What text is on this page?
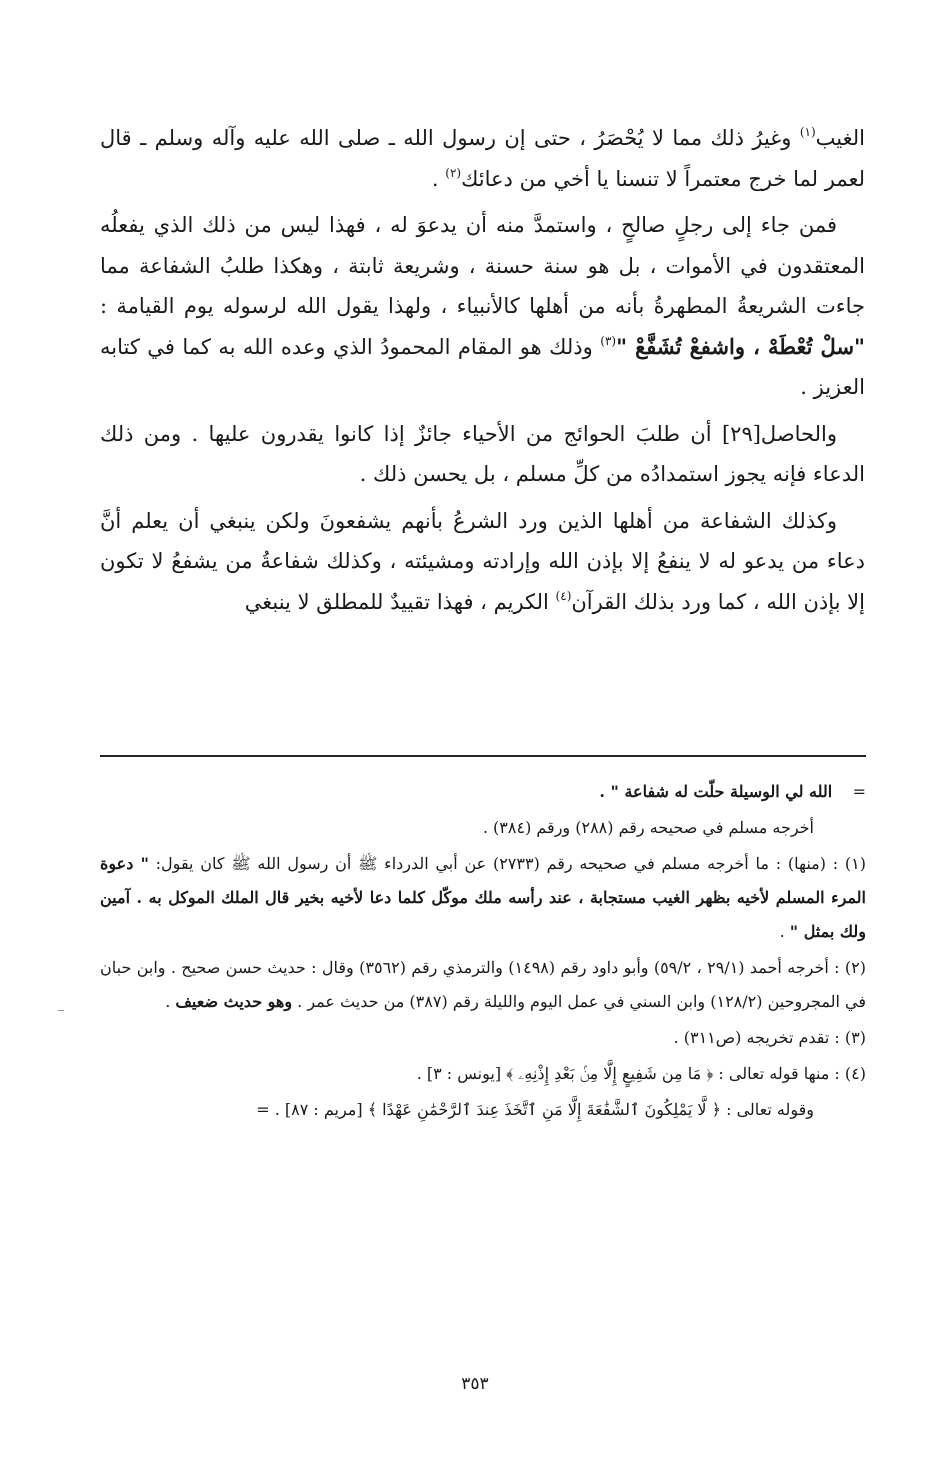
الغيب$^{(١)}$ وغيرُ ذلك مما لا يُحْصَرُ ، حتى إن رسول الله ـ صلى الله عليه وآله وسلم ـ قال لعمر لما خرج معتمراً لا تنسنا يا أخي من دعائك$^{(٢)}$ .

فمن جاء إلى رجلٍ صالحٍ ، واستمدَّ منه أن يدعوَ له ، فهذا ليس من ذلك الذي يفعلُه المعتقدون في الأموات ، بل هو سنة حسنة ، وشريعة ثابتة ، وهكذا طلبُ الشفاعة مما جاءت الشريعةُ المطهرةُ بأنه من أهلها كالأنبياء ، ولهذا يقول الله لرسوله يوم القيامة : "سلْ تُعْطَهْ ، واشفعْ تُشَفَّعْ "$^{(٣)}$ وذلك هو المقام المحمودُ الذي وعده الله به كما في كتابه العزيز .

والحاصل[٢٩] أن طلبَ الحوائج من الأحياء جائزٌ إذا كانوا يقدرون عليها . ومن ذلك الدعاء فإنه يجوز استمدادُه من كلِّ مسلم ، بل يحسن ذلك .

وكذلك الشفاعة من أهلها الذين ورد الشرعُ بأنهم يشفعونَ ولكن ينبغي أن يعلم أنَّ دعاء من يدعو له لا ينفعُ إلا بإذن الله وإرادته ومشيئته ، وكذلك شفاعةُ من يشفعُ لا تكون إلا بإذن الله ، كما ورد بذلك القرآن$^{(٤)}$ الكريم ، فهذا تقييدٌ للمطلق لا ينبغي

=    الله لي الوسيلة حلّت له شفاعة " .
أخرجه مسلم في صحيحه رقم (٢٨٨) ورقم (٣٨٤) .
(١) : (منها) : ما أخرجه مسلم في صحيحه رقم (٢٧٣٣) عن أبي الدرداء ﷺ أن رسول الله ﷺ كان يقول: " دعوة المرء المسلم لأخيه بظهر الغيب مستجابة ، عند رأسه ملك موكّل كلما دعا لأخيه بخير قال الملك الموكل به . آمين ولك بمثل " .
(٢) : أخرجه أحمد (٢٩/١ ، ٥٩/٢) وأبو داود رقم (١٤٩٨) والترمذي رقم (٣٥٦٢) وقال : حديث حسن صحيح . وابن حبان في المجروحين (١٢٨/٢) وابن السني في عمل اليوم والليلة رقم (٣٨٧) من حديث عمر . وهو حديث ضعيف .
(٣) : تقدم تخريجه (ص٣١١) .
(٤) : منها قوله تعالى : ﴿ مَا مِن شَفِيعٍ إِلَّا مِنۢ بَعْدِ إِذْنِهِۦ ﴾ [يونس : ٣] .
وقوله تعالى : ﴿ لَّا يَمْلِكُونَ ٱلشَّفَٰعَةَ إِلَّا مَنِ ٱتَّخَذَ عِندَ ٱلرَّحْمَٰنِ عَهْدًا ﴾ [مريم : ٨٧] . =
٣٥٣
